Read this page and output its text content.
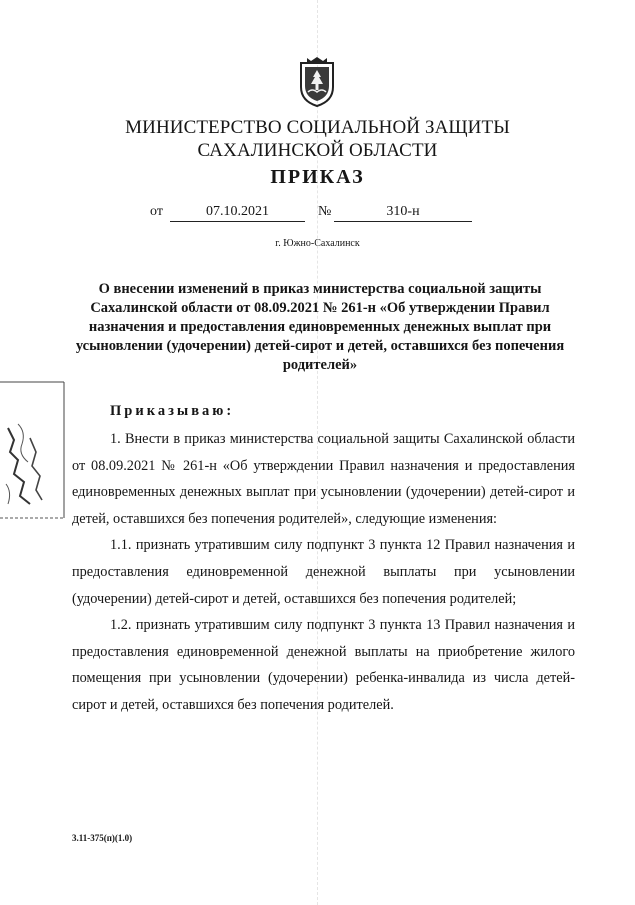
МИНИСТЕРСТВО СОЦИАЛЬНОЙ ЗАЩИТЫ
САХАЛИНСКОЙ ОБЛАСТИ
ПРИКАЗ
от	07.10.2021	№	310-н
г. Южно-Сахалинск
О внесении изменений в приказ министерства социальной защиты Сахалинской области от 08.09.2021 № 261-н «Об утверждении Правил назначения и предоставления единовременных денежных выплат при усыновлении (удочерении) детей-сирот и детей, оставшихся без попечения родителей»
Приказываю:

1. Внести в приказ министерства социальной защиты Сахалинской области от 08.09.2021 № 261-н «Об утверждении Правил назначения и предоставления единовременных денежных выплат при усыновлении (удочерении) детей-сирот и детей, оставшихся без попечения родителей», следующие изменения:

1.1. признать утратившим силу подпункт 3 пункта 12 Правил назначения и предоставления единовременной денежной выплаты при усыновлении (удочерении) детей-сирот и детей, оставшихся без попечения родителей;

1.2. признать утратившим силу подпункт 3 пункта 13 Правил назначения и предоставления единовременной денежной выплаты на приобретение жилого помещения при усыновлении (удочерении) ребенка-инвалида из числа детей-сирот и детей, оставшихся без попечения родителей.

3.11-375(п)(1.0)
